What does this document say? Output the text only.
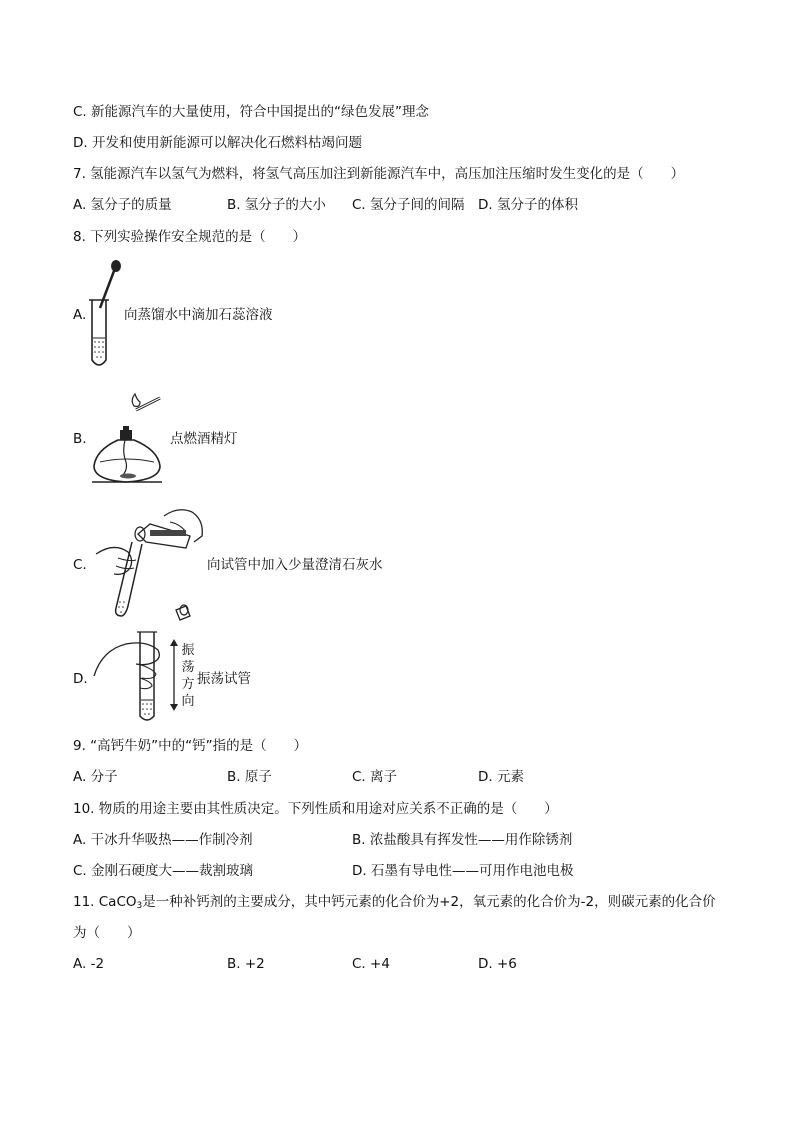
C. 新能源汽车的大量使用，符合中国提出的“绿色发展”理念
D. 开发和使用新能源可以解决化石燃料枯竭问题
7. 氢能源汽车以氢气为燃料，将氢气高压加注到新能源汽车中，高压加注压缩时发生变化的是（　　）
A. 氢分子的质量	B. 氢分子的大小 C. 氢分子间的间隔 D. 氢分子的体积
8. 下列实验操作安全规范的是（　　）
A.	向蒸馏水中滴加石蕊溶液
B.	点燃酒精灯
C.	向试管中加入少量澄清石灰水
D.
振
荡
方
向
振荡试管
9. “高钙牛奶”中的“钙”指的是（　　）
A. 分子	B. 原子	C. 离子	D. 元素
10. 物质的用途主要由其性质决定。下列性质和用途对应关系不正确的是（　　）
A. 干冰升华吸热——作制冷剂	B. 浓盐酸具有挥发性——用作除锈剂
C. 金刚石硬度大——裁割玻璃	D. 石墨有导电性——可用作电池电极
11. CaCO$_3$是一种补钙剂的主要成分，其中钙元素的化合价为+2，氧元素的化合价为-2，则碳元素的化合价
为（　　）
A. -2	B. +2	C. +4	D. +6
